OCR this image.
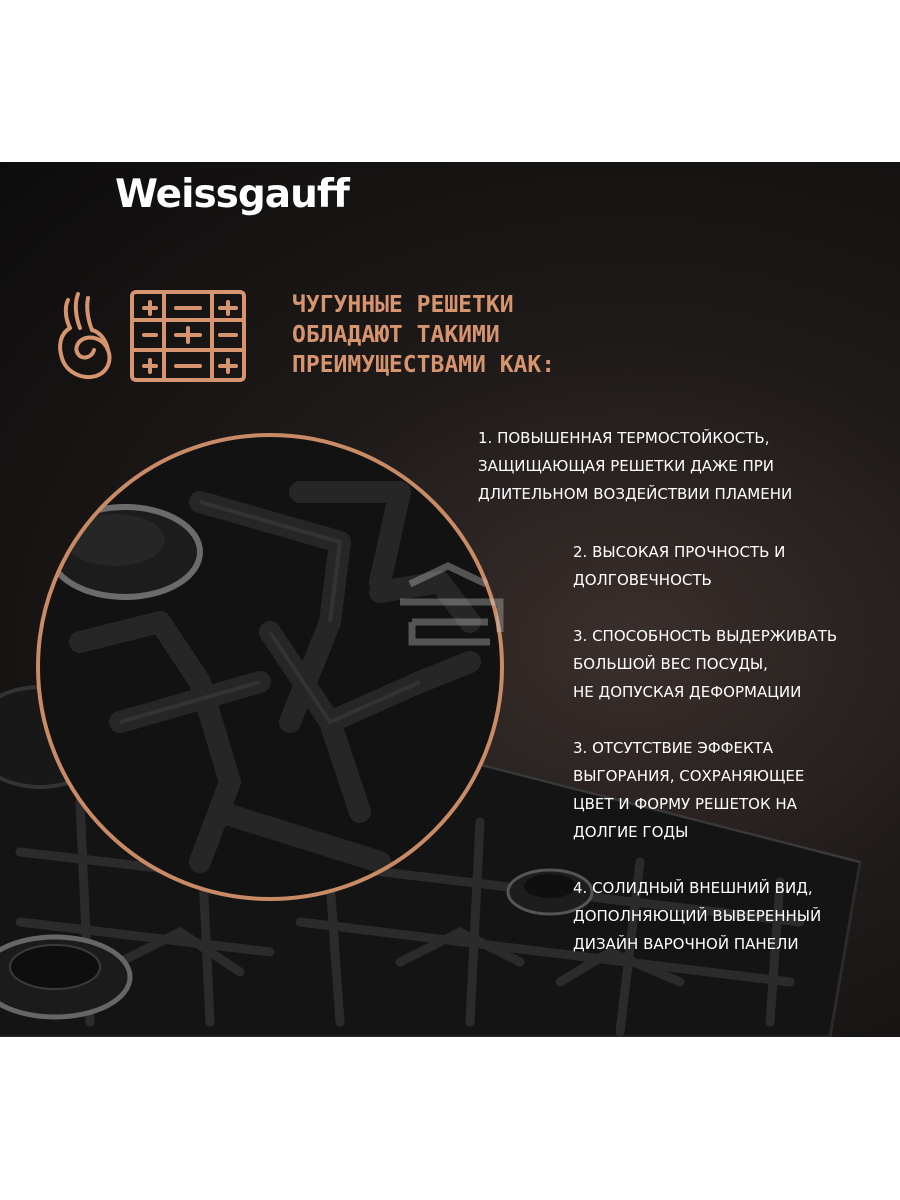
Weissgauff
ЧУГУННЫЕ РЕШЕТКИ
ОБЛАДАЮТ ТАКИМИ
ПРЕИМУЩЕСТВАМИ КАК:
1. ПОВЫШЕННАЯ ТЕРМОСТОЙКОСТЬ,
ЗАЩИЩАЮЩАЯ РЕШЕТКИ ДАЖЕ ПРИ
ДЛИТЕЛЬНОМ ВОЗДЕЙСТВИИ ПЛАМЕНИ
2. ВЫСОКАЯ ПРОЧНОСТЬ И
ДОЛГОВЕЧНОСТЬ
3. СПОСОБНОСТЬ ВЫДЕРЖИВАТЬ
БОЛЬШОЙ ВЕС ПОСУДЫ,
НЕ ДОПУСКАЯ ДЕФОРМАЦИИ
3. ОТСУТСТВИЕ ЭФФЕКТА
ВЫГОРАНИЯ, СОХРАНЯЮЩЕЕ
ЦВЕТ И ФОРМУ РЕШЕТОК НА
ДОЛГИЕ ГОДЫ
4. СОЛИДНЫЙ ВНЕШНИЙ ВИД,
ДОПОЛНЯЮЩИЙ ВЫВЕРЕННЫЙ
ДИЗАЙН ВАРОЧНОЙ ПАНЕЛИ
